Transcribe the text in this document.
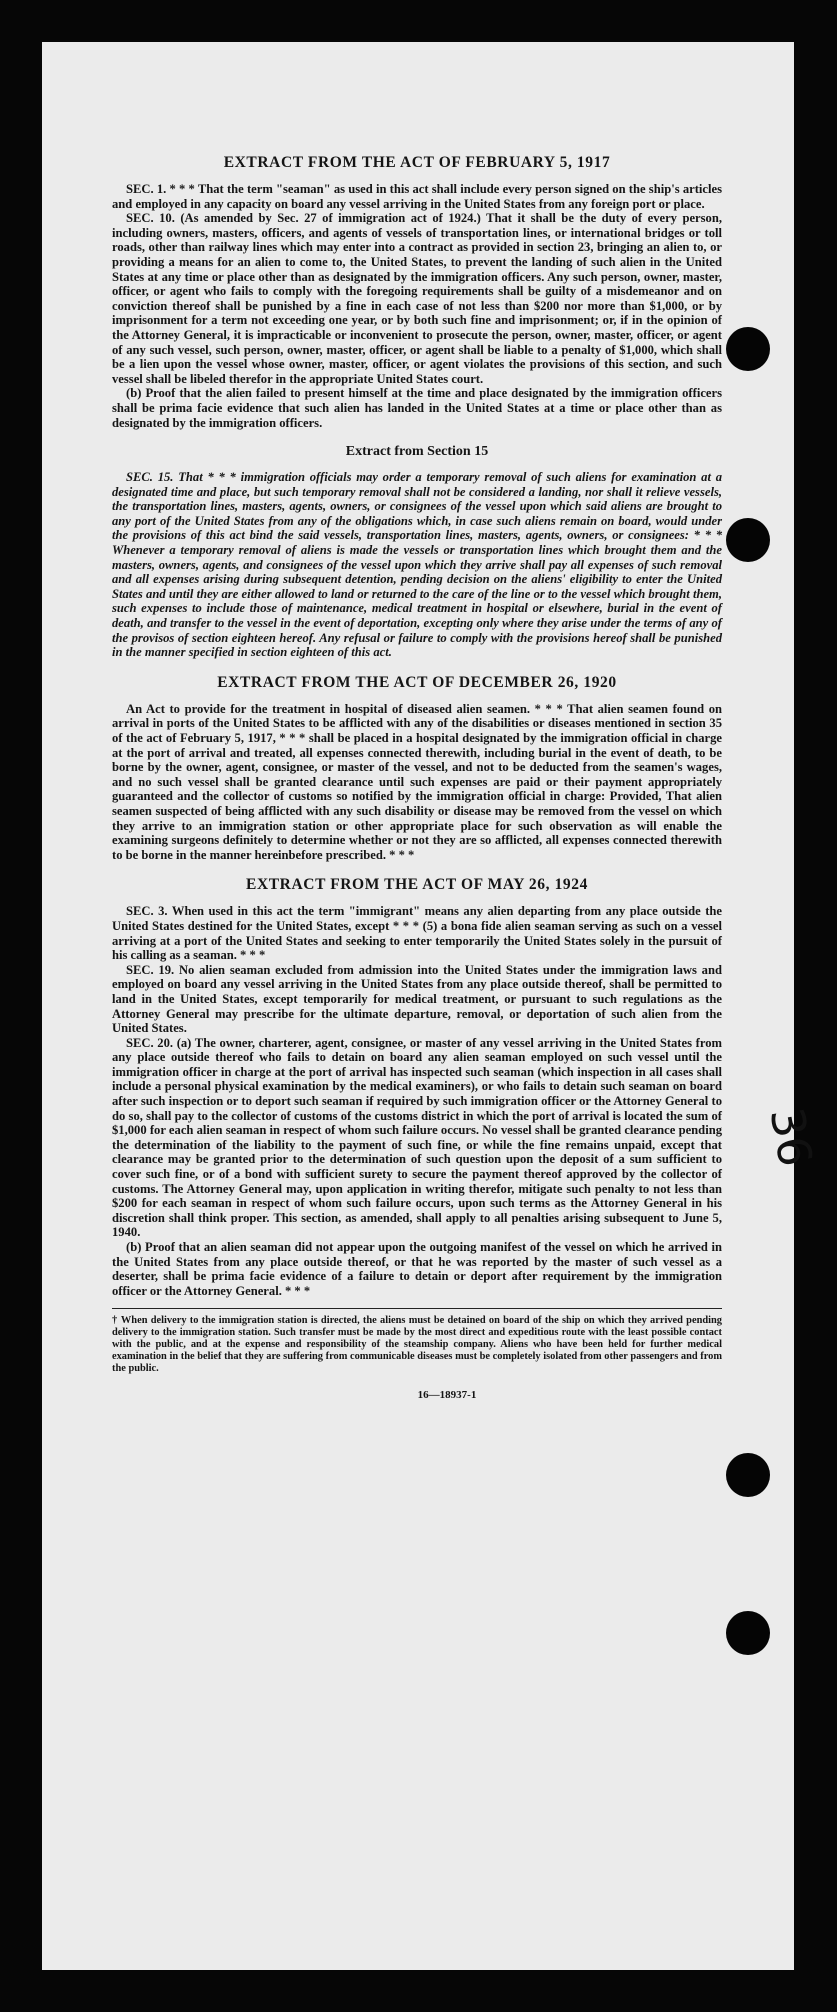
EXTRACT FROM THE ACT OF FEBRUARY 5, 1917

SEC. 1. * * * That the term "seaman" as used in this act shall include every person signed on the ship's articles and employed in any capacity on board any vessel arriving in the United States from any foreign port or place.

SEC. 10. (As amended by Sec. 27 of immigration act of 1924.) That it shall be the duty of every person, including owners, masters, officers, and agents of vessels of transportation lines, or international bridges or toll roads, other than railway lines which may enter into a contract as provided in section 23, bringing an alien to, or providing a means for an alien to come to, the United States, to prevent the landing of such alien in the United States at any time or place other than as designated by the immigration officers. Any such person, owner, master, officer, or agent who fails to comply with the foregoing requirements shall be guilty of a misdemeanor and on conviction thereof shall be punished by a fine in each case of not less than $200 nor more than $1,000, or by imprisonment for a term not exceeding one year, or by both such fine and imprisonment; or, if in the opinion of the Attorney General, it is impracticable or inconvenient to prosecute the person, owner, master, officer, or agent of any such vessel, such person, owner, master, officer, or agent shall be liable to a penalty of $1,000, which shall be a lien upon the vessel whose owner, master, officer, or agent violates the provisions of this section, and such vessel shall be libeled therefor in the appropriate United States court.

(b) Proof that the alien failed to present himself at the time and place designated by the immigration officers shall be prima facie evidence that such alien has landed in the United States at a time or place other than as designated by the immigration officers.

Extract from Section 15

SEC. 15. That * * * immigration officials may order a temporary removal of such aliens for examination at a designated time and place, but such temporary removal shall not be considered a landing, nor shall it relieve vessels, the transportation lines, masters, agents, owners, or consignees of the vessel upon which said aliens are brought to any port of the United States from any of the obligations which, in case such aliens remain on board, would under the provisions of this act bind the said vessels, transportation lines, masters, agents, owners, or consignees: * * * Whenever a temporary removal of aliens is made the vessels or transportation lines which brought them and the masters, owners, agents, and consignees of the vessel upon which they arrive shall pay all expenses of such removal and all expenses arising during subsequent detention, pending decision on the aliens' eligibility to enter the United States and until they are either allowed to land or returned to the care of the line or to the vessel which brought them, such expenses to include those of maintenance, medical treatment in hospital or elsewhere, burial in the event of death, and transfer to the vessel in the event of deportation, excepting only where they arise under the terms of any of the provisos of section eighteen hereof. Any refusal or failure to comply with the provisions hereof shall be punished in the manner specified in section eighteen of this act.

EXTRACT FROM THE ACT OF DECEMBER 26, 1920

An Act to provide for the treatment in hospital of diseased alien seamen. * * * That alien seamen found on arrival in ports of the United States to be afflicted with any of the disabilities or diseases mentioned in section 35 of the act of February 5, 1917, * * * shall be placed in a hospital designated by the immigration official in charge at the port of arrival and treated, all expenses connected therewith, including burial in the event of death, to be borne by the owner, agent, consignee, or master of the vessel, and not to be deducted from the seamen's wages, and no such vessel shall be granted clearance until such expenses are paid or their payment appropriately guaranteed and the collector of customs so notified by the immigration official in charge: Provided, That alien seamen suspected of being afflicted with any such disability or disease may be removed from the vessel on which they arrive to an immigration station or other appropriate place for such observation as will enable the examining surgeons definitely to determine whether or not they are so afflicted, all expenses connected therewith to be borne in the manner hereinbefore prescribed. * * *

EXTRACT FROM THE ACT OF MAY 26, 1924

SEC. 3. When used in this act the term "immigrant" means any alien departing from any place outside the United States destined for the United States, except * * * (5) a bona fide alien seaman serving as such on a vessel arriving at a port of the United States and seeking to enter temporarily the United States solely in the pursuit of his calling as a seaman. * * *

SEC. 19. No alien seaman excluded from admission into the United States under the immigration laws and employed on board any vessel arriving in the United States from any place outside thereof, shall be permitted to land in the United States, except temporarily for medical treatment, or pursuant to such regulations as the Attorney General may prescribe for the ultimate departure, removal, or deportation of such alien from the United States.

SEC. 20. (a) The owner, charterer, agent, consignee, or master of any vessel arriving in the United States from any place outside thereof who fails to detain on board any alien seaman employed on such vessel until the immigration officer in charge at the port of arrival has inspected such seaman (which inspection in all cases shall include a personal physical examination by the medical examiners), or who fails to detain such seaman on board after such inspection or to deport such seaman if required by such immigration officer or the Attorney General to do so, shall pay to the collector of customs of the customs district in which the port of arrival is located the sum of $1,000 for each alien seaman in respect of whom such failure occurs. No vessel shall be granted clearance pending the determination of the liability to the payment of such fine, or while the fine remains unpaid, except that clearance may be granted prior to the determination of such question upon the deposit of a sum sufficient to cover such fine, or of a bond with sufficient surety to secure the payment thereof approved by the collector of customs. The Attorney General may, upon application in writing therefor, mitigate such penalty to not less than $200 for each seaman in respect of whom such failure occurs, upon such terms as the Attorney General in his discretion shall think proper. This section, as amended, shall apply to all penalties arising subsequent to June 5, 1940.

(b) Proof that an alien seaman did not appear upon the outgoing manifest of the vessel on which he arrived in the United States from any place outside thereof, or that he was reported by the master of such vessel as a deserter, shall be prima facie evidence of a failure to detain or deport after requirement by the immigration officer or the Attorney General. * * *

† When delivery to the immigration station is directed, the aliens must be detained on board of the ship on which they arrived pending delivery to the immigration station. Such transfer must be made by the most direct and expeditious route with the least possible contact with the public, and at the expense and responsibility of the steamship company. Aliens who have been held for further medical examination in the belief that they are suffering from communicable diseases must be completely isolated from other passengers and from the public.

16—18937-1
36
